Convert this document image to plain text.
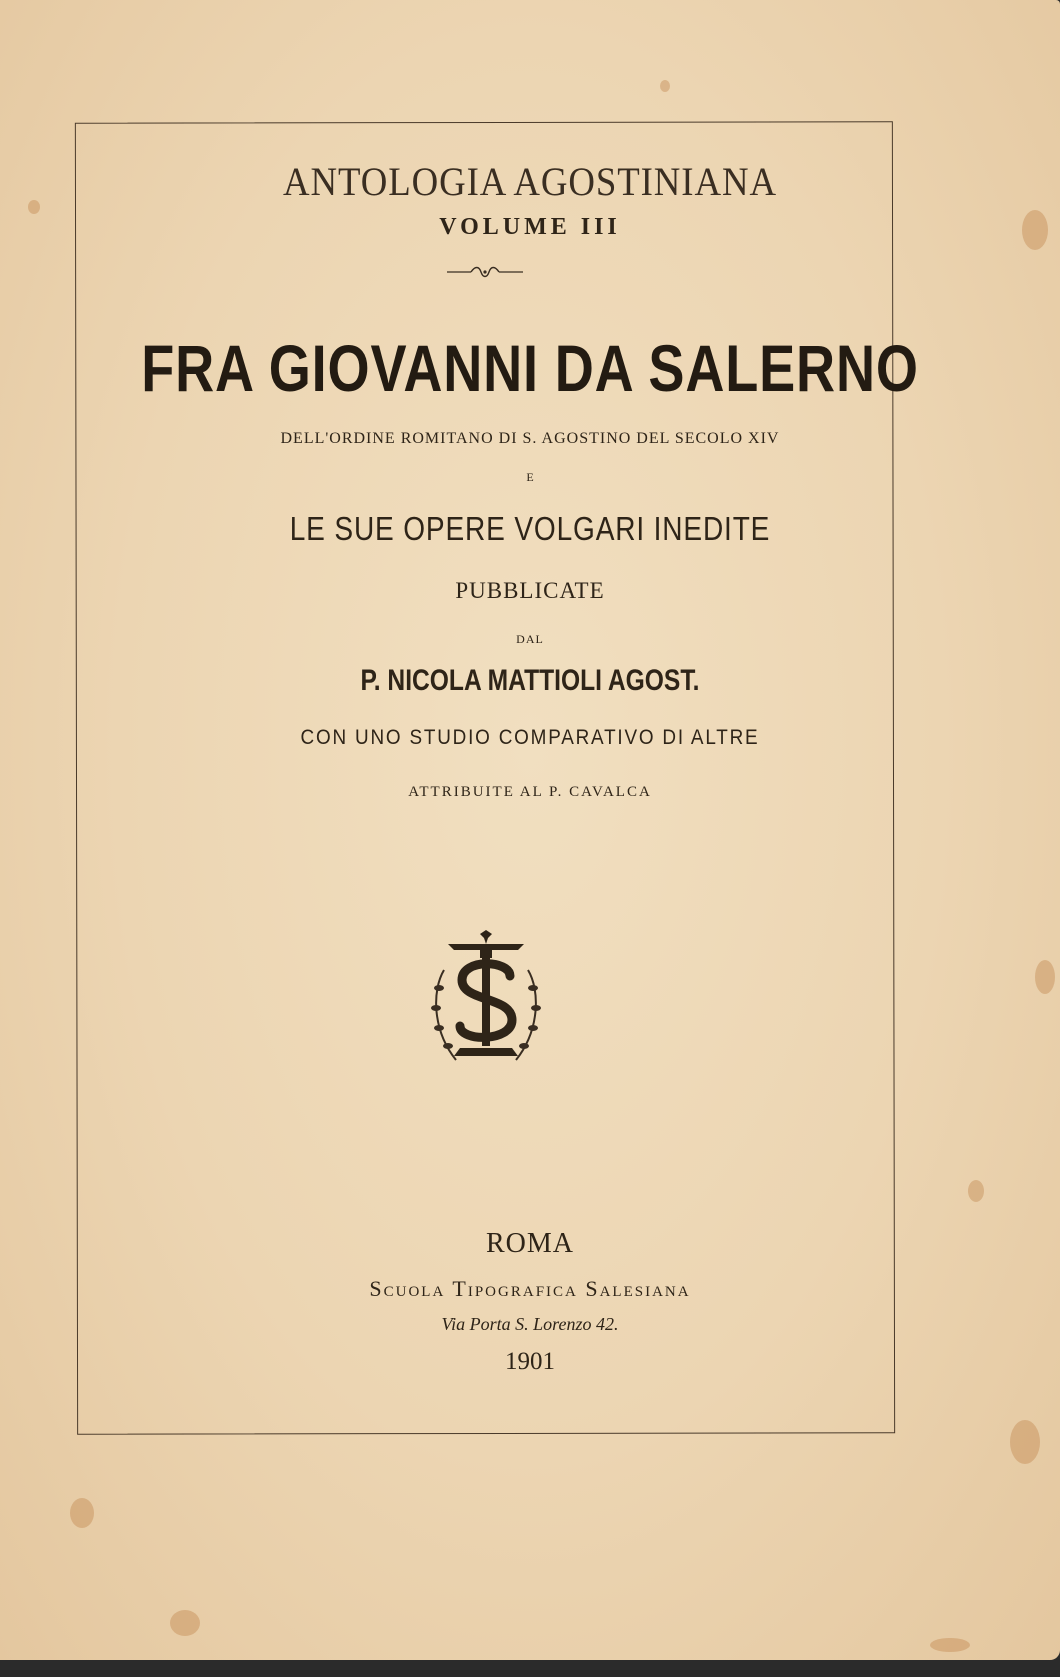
ANTOLOGIA AGOSTINIANA
VOLUME III
FRA GIOVANNI DA SALERNO
DELL'ORDINE ROMITANO DI S. AGOSTINO DEL SECOLO XIV
E
LE SUE OPERE VOLGARI INEDITE
PUBBLICATE
DAL
P. NICOLA MATTIOLI AGOST.
CON UNO STUDIO COMPARATIVO DI ALTRE
ATTRIBUITE AL P. CAVALCA
ROMA
Scuola Tipografica Salesiana
Via Porta S. Lorenzo 42.
1901
